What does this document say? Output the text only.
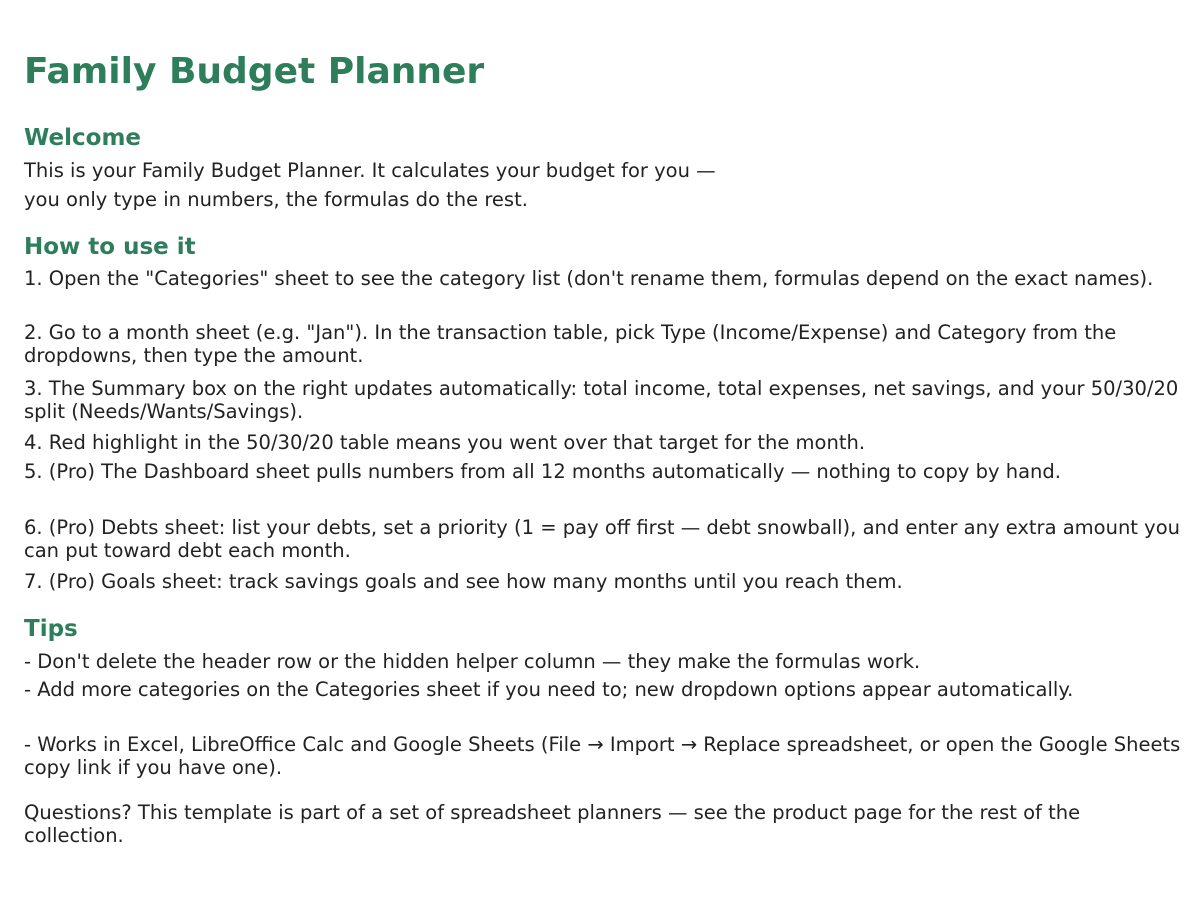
Family Budget Planner
Welcome

This is your Family Budget Planner. It calculates your budget for you —

you only type in numbers, the formulas do the rest.

How to use it

1. Open the "Categories" sheet to see the category list (don't rename them, formulas depend on the exact names).

2. Go to a month sheet (e.g. "Jan"). In the transaction table, pick Type (Income/Expense) and Category from the dropdowns, then type the amount.

3. The Summary box on the right updates automatically: total income, total expenses, net savings, and your 50/30/20 split (Needs/Wants/Savings).

4. Red highlight in the 50/30/20 table means you went over that target for the month.

5. (Pro) The Dashboard sheet pulls numbers from all 12 months automatically — nothing to copy by hand.

6. (Pro) Debts sheet: list your debts, set a priority (1 = pay off first — debt snowball), and enter any extra amount you can put toward debt each month.

7. (Pro) Goals sheet: track savings goals and see how many months until you reach them.

Tips

- Don't delete the header row or the hidden helper column — they make the formulas work.

- Add more categories on the Categories sheet if you need to; new dropdown options appear automatically.

- Works in Excel, LibreOffice Calc and Google Sheets (File → Import → Replace spreadsheet, or open the Google Sheets copy link if you have one).

Questions? This template is part of a set of spreadsheet planners — see the product page for the rest of the collection.
